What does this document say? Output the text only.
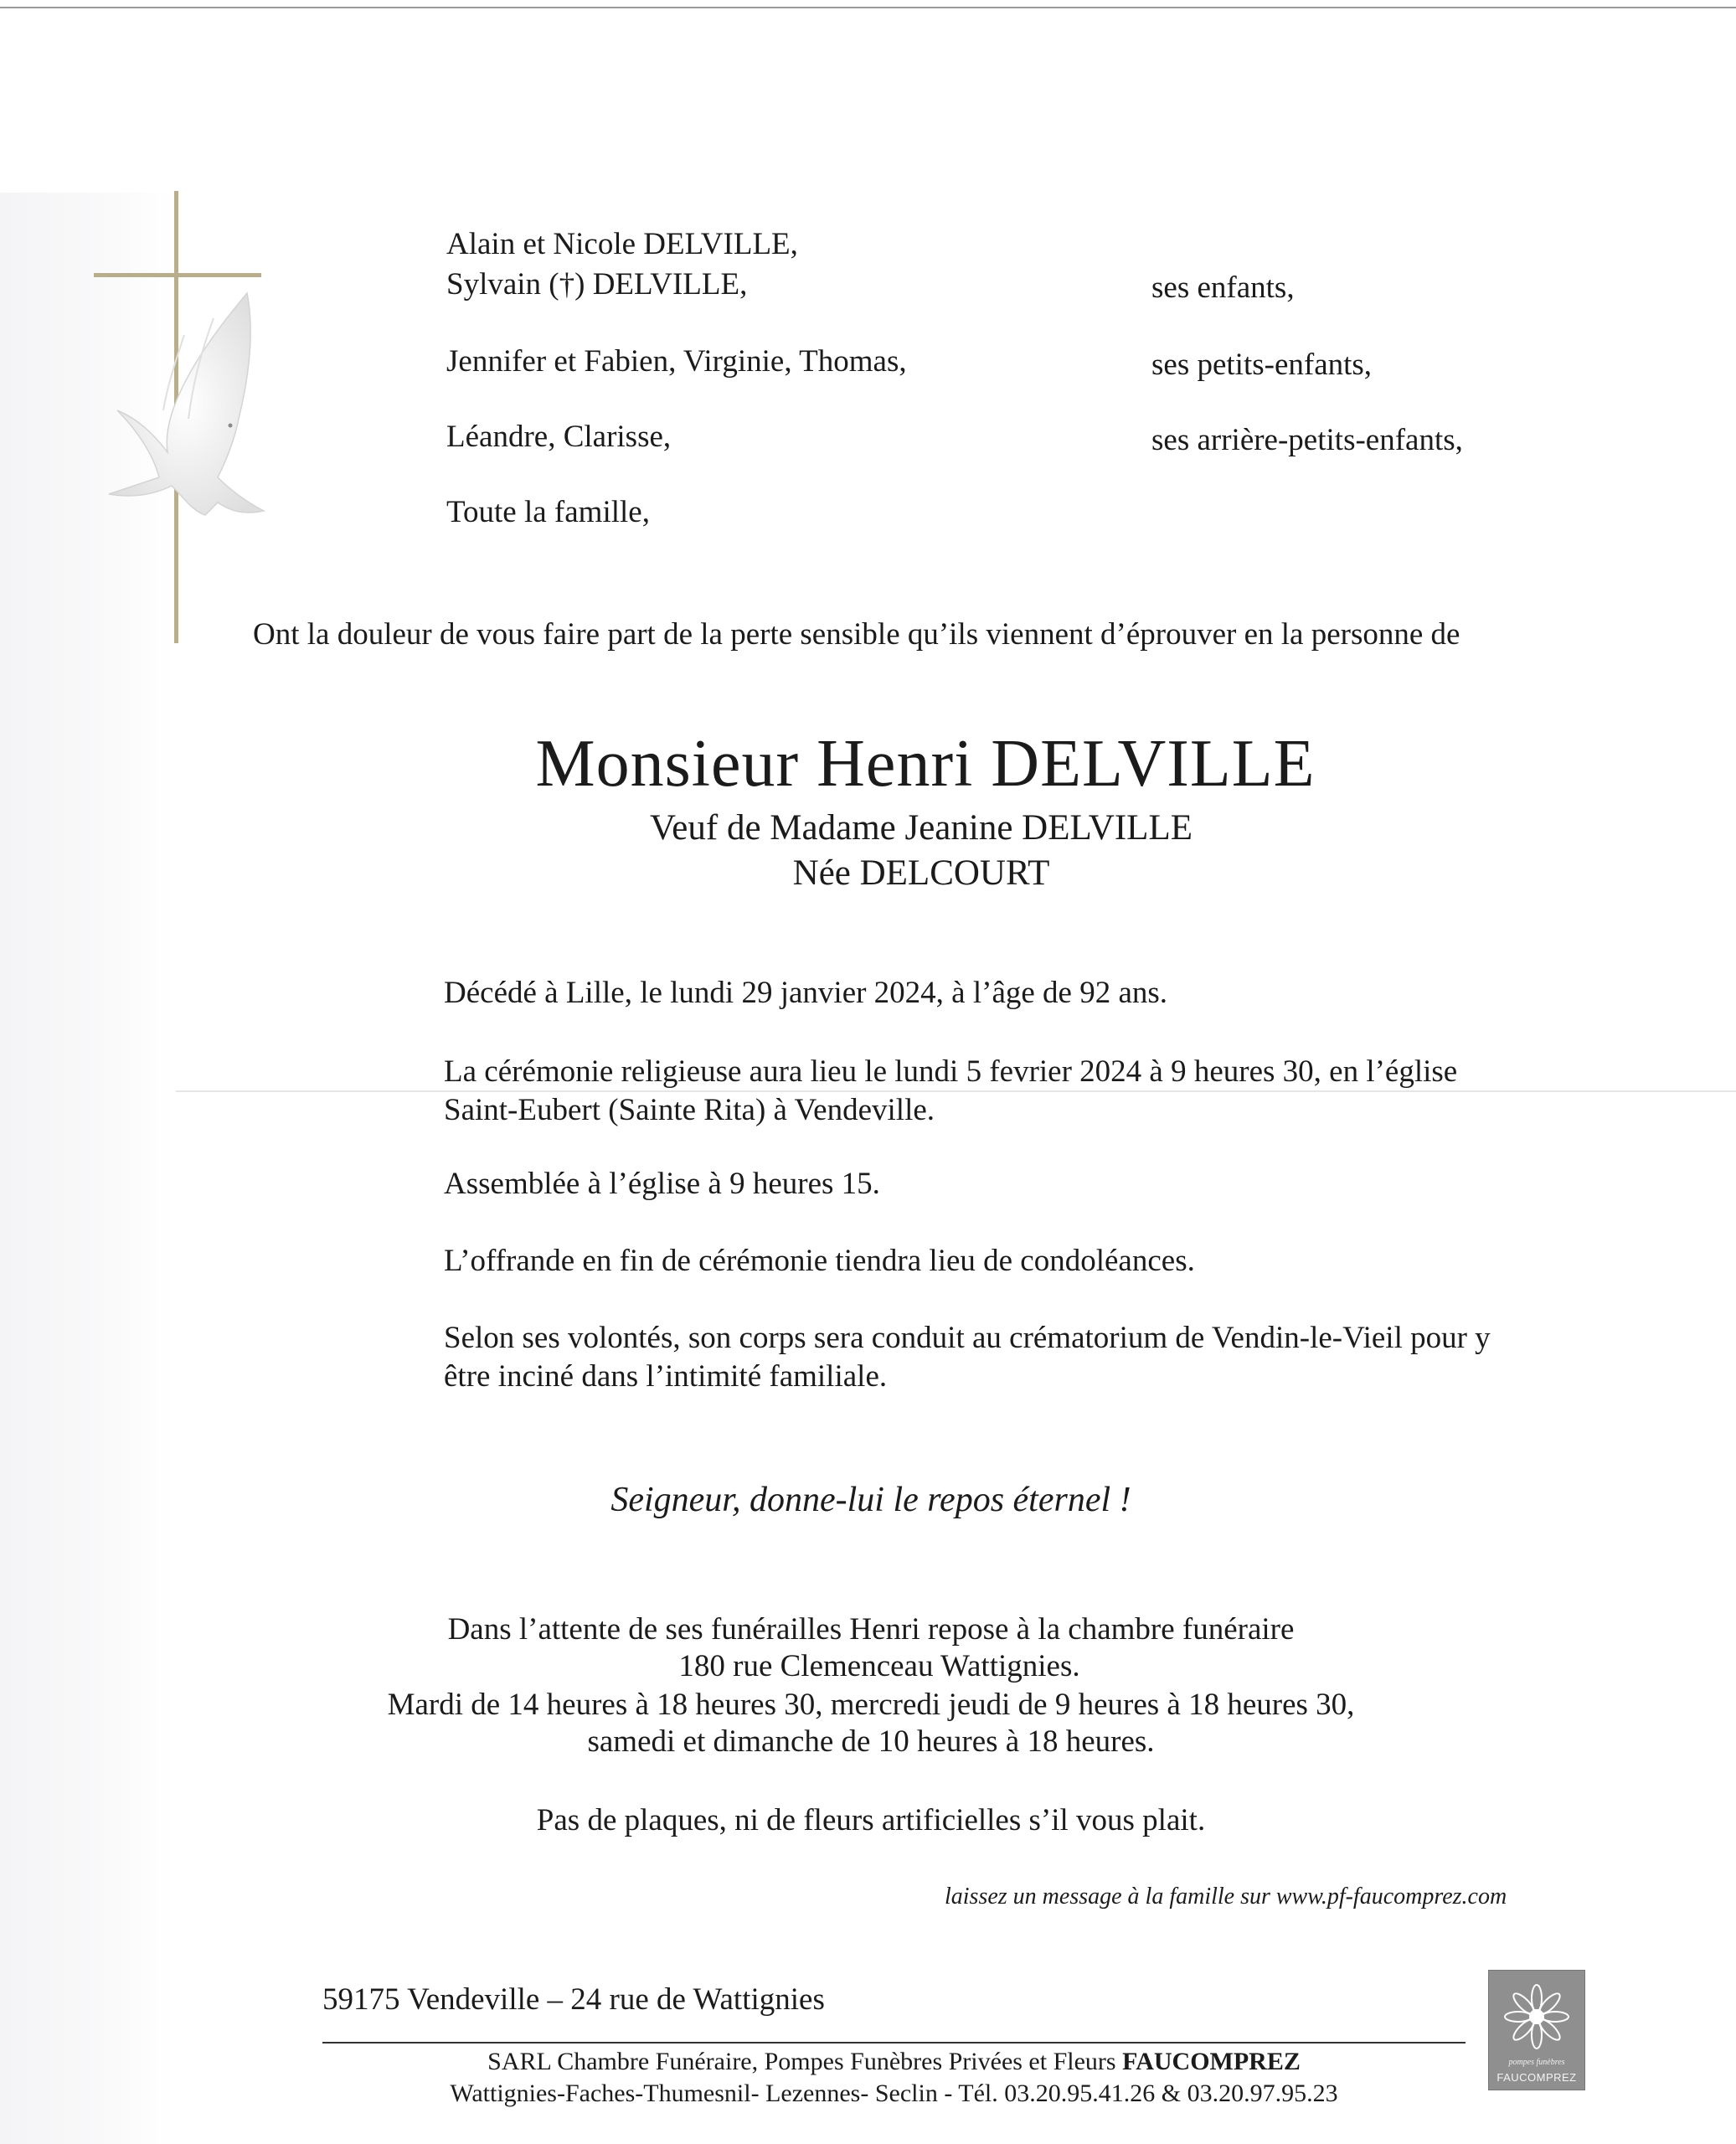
Alain et Nicole DELVILLE,
Sylvain (†) DELVILLE,	ses enfants,
Jennifer et Fabien, Virginie, Thomas,	ses petits-enfants,
Léandre, Clarisse,	ses arrière-petits-enfants,
Toute la famille,
Ont la douleur de vous faire part de la perte sensible qu’ils viennent d’éprouver en la personne de
Monsieur Henri DELVILLE
Veuf de Madame Jeanine DELVILLE
Née DELCOURT
Décédé à Lille, le lundi 29 janvier 2024, à l’âge de 92 ans.
La cérémonie religieuse aura lieu le lundi 5 fevrier 2024 à 9 heures 30, en l’église
Saint-Eubert (Sainte Rita) à Vendeville.
Assemblée à l’église à 9 heures 15.
L’offrande en fin de cérémonie tiendra lieu de condoléances.
Selon ses volontés, son corps sera conduit au crématorium de Vendin-le-Vieil pour y
être inciné dans l’intimité familiale.
Seigneur, donne-lui le repos éternel !
Dans l’attente de ses funérailles Henri repose à la chambre funéraire
180 rue Clemenceau Wattignies.
Mardi de 14 heures à 18 heures 30, mercredi jeudi de 9 heures à 18 heures 30,
samedi et dimanche de 10 heures à 18 heures.
Pas de plaques, ni de fleurs artificielles s’il vous plait.
laissez un message à la famille sur www.pf-faucomprez.com
59175 Vendeville – 24 rue de Wattignies
SARL Chambre Funéraire, Pompes Funèbres Privées et Fleurs FAUCOMPREZ
Wattignies-Faches-Thumesnil- Lezennes- Seclin - Tél. 03.20.95.41.26 & 03.20.97.95.23
pompes funèbres
FAUCOMPREZ
